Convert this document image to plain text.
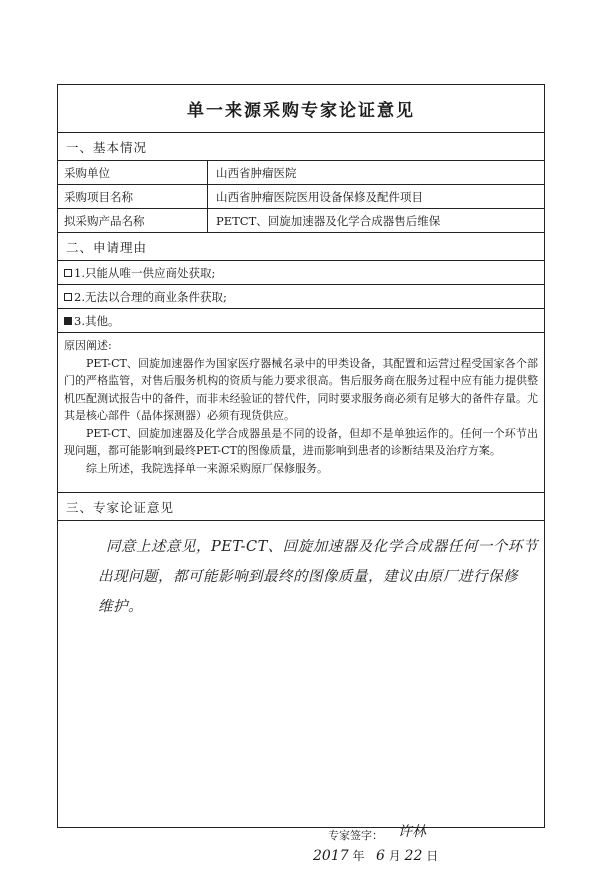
单一来源采购专家论证意见
一、基本情况
采购单位	山西省肿瘤医院
采购项目名称	山西省肿瘤医院医用设备保修及配件项目
拟采购产品名称	PETCT、回旋加速器及化学合成器售后维保
二、申请理由
1.只能从唯一供应商处获取;
2.无法以合理的商业条件获取;
3.其他。

原因阐述:

PET-CT、回旋加速器作为国家医疗器械名录中的甲类设备，其配置和运营过程受国家各个部门的严格监管，对售后服务机构的资质与能力要求很高。售后服务商在服务过程中应有能力提供整机匹配测试报告中的备件，而非未经验证的替代件，同时要求服务商必须有足够大的备件存量。尤其是核心部件（晶体探测器）必须有现货供应。

PET-CT、回旋加速器及化学合成器虽是不同的设备，但却不是单独运作的。任何一个环节出现问题，都可能影响到最终PET-CT的图像质量，进而影响到患者的诊断结果及治疗方案。

综上所述，我院选择单一来源采购原厂保修服务。

三、专家论证意见
同意上述意见，PET-CT、回旋加速器及化学合成器任何一个环节
出现问题，都可能影响到最终的图像质量，建议由原厂进行保修
维护。
专家签字： 许林
2017 年 6 月 22 日
